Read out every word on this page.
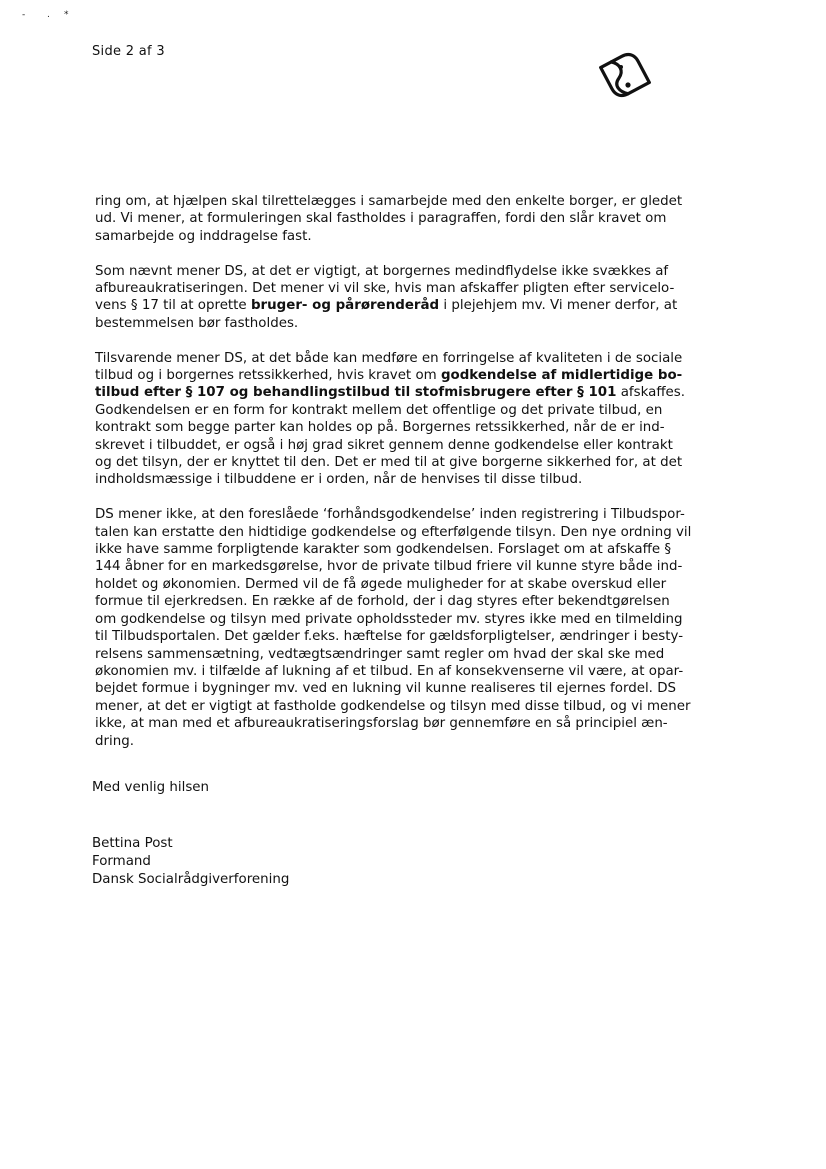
- . *
Side 2 af 3

ring om, at hjælpen skal tilrettelægges i samarbejde med den enkelte borger, er gledet
ud. Vi mener, at formuleringen skal fastholdes i paragraffen, fordi den slår kravet om
samarbejde og inddragelse fast.

Som nævnt mener DS, at det er vigtigt, at borgernes medindflydelse ikke svækkes af
afbureaukratiseringen. Det mener vi vil ske, hvis man afskaffer pligten efter servicelo-
vens § 17 til at oprette bruger- og pårørenderåd i plejehjem mv. Vi mener derfor, at
bestemmelsen bør fastholdes.

Tilsvarende mener DS, at det både kan medføre en forringelse af kvaliteten i de sociale
tilbud og i borgernes retssikkerhed, hvis kravet om godkendelse af midlertidige bo-
tilbud efter § 107 og behandlingstilbud til stofmisbrugere efter § 101 afskaffes.
Godkendelsen er en form for kontrakt mellem det offentlige og det private tilbud, en
kontrakt som begge parter kan holdes op på. Borgernes retssikkerhed, når de er ind-
skrevet i tilbuddet, er også i høj grad sikret gennem denne godkendelse eller kontrakt
og det tilsyn, der er knyttet til den. Det er med til at give borgerne sikkerhed for, at det
indholdsmæssige i tilbuddene er i orden, når de henvises til disse tilbud.

DS mener ikke, at den foreslåede ‘forhåndsgodkendelse’ inden registrering i Tilbudspor-
talen kan erstatte den hidtidige godkendelse og efterfølgende tilsyn. Den nye ordning vil
ikke have samme forpligtende karakter som godkendelsen. Forslaget om at afskaffe §
144 åbner for en markedsgørelse, hvor de private tilbud friere vil kunne styre både ind-
holdet og økonomien. Dermed vil de få øgede muligheder for at skabe overskud eller
formue til ejerkredsen. En række af de forhold, der i dag styres efter bekendtgørelsen
om godkendelse og tilsyn med private opholdssteder mv. styres ikke med en tilmelding
til Tilbudsportalen. Det gælder f.eks. hæftelse for gældsforpligtelser, ændringer i besty-
relsens sammensætning, vedtægtsændringer samt regler om hvad der skal ske med
økonomien mv. i tilfælde af lukning af et tilbud. En af konsekvenserne vil være, at opar-
bejdet formue i bygninger mv. ved en lukning vil kunne realiseres til ejernes fordel. DS
mener, at det er vigtigt at fastholde godkendelse og tilsyn med disse tilbud, og vi mener
ikke, at man med et afbureaukratiseringsforslag bør gennemføre en så principiel æn-
dring.

Med venlig hilsen
Bettina Post
Formand
Dansk Socialrådgiverforening
